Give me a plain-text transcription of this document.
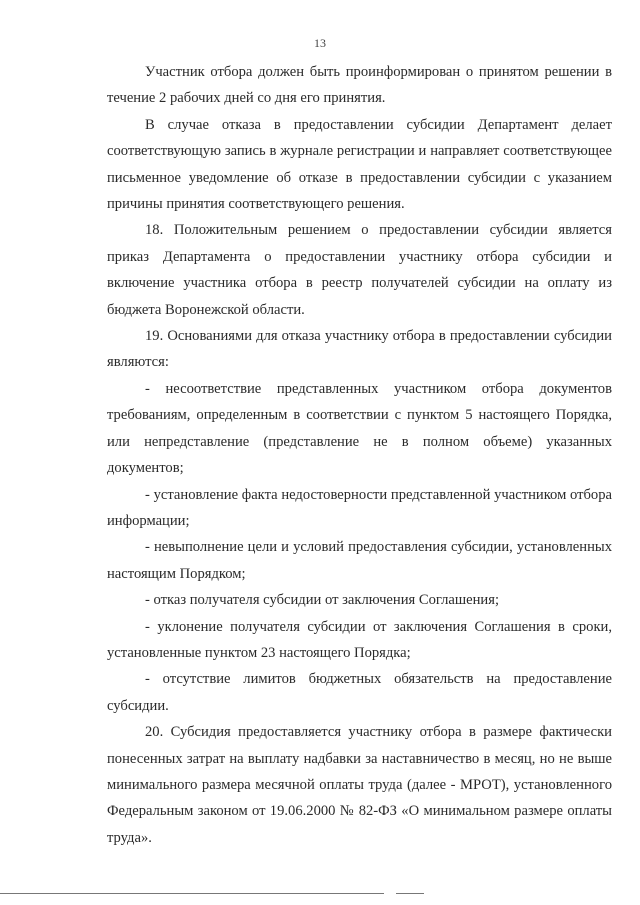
13

Участник отбора должен быть проинформирован о принятом решении в течение 2 рабочих дней со дня его принятия.

В случае отказа в предоставлении субсидии Департамент делает соответствующую запись в журнале регистрации и направляет соответствующее письменное уведомление об отказе в предоставлении субсидии с указанием причины принятия соответствующего решения.

18. Положительным решением о предоставлении субсидии является приказ Департамента о предоставлении участнику отбора субсидии и включение участника отбора в реестр получателей субсидии на оплату из бюджета Воронежской области.

19. Основаниями для отказа участнику отбора в предоставлении субсидии являются:

- несоответствие представленных участником отбора документов требованиям, определенным в соответствии с пунктом 5 настоящего Порядка, или непредставление (представление не в полном объеме) указанных документов;

- установление факта недостоверности представленной участником отбора информации;

- невыполнение цели и условий предоставления субсидии, установленных настоящим Порядком;

- отказ получателя субсидии от заключения Соглашения;

- уклонение получателя субсидии от заключения Соглашения в сроки, установленные пунктом 23 настоящего Порядка;

- отсутствие лимитов бюджетных обязательств на предоставление субсидии.

20. Субсидия предоставляется участнику отбора в размере фактически понесенных затрат на выплату надбавки за наставничество в месяц, но не выше минимального размера месячной оплаты труда (далее - МРОТ), установленного Федеральным законом от 19.06.2000 № 82-ФЗ «О минимальном размере оплаты труда».
